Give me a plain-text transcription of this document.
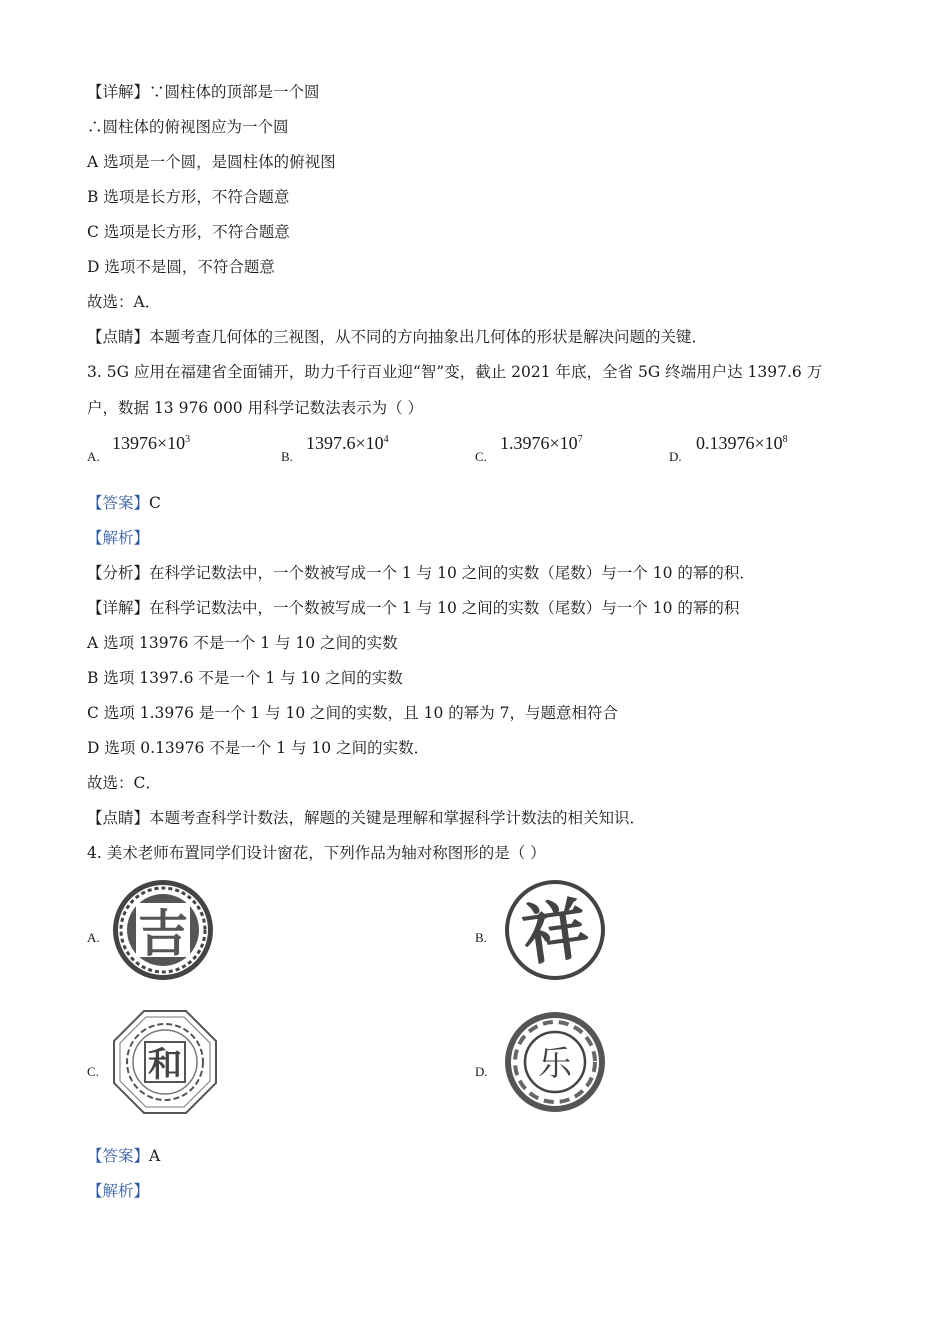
【详解】∵圆柱体的顶部是一个圆
∴圆柱体的俯视图应为一个圆
A 选项是一个圆，是圆柱体的俯视图
B 选项是长方形，不符合题意
C 选项是长方形，不符合题意
D 选项不是圆，不符合题意
故选：A．
【点睛】本题考查几何体的三视图，从不同的方向抽象出几何体的形状是解决问题的关键．
3. 5G 应用在福建省全面铺开，助力千行百业迎“智”变，截止 2021 年底，全省 5G 终端用户达 1397.6 万
户，数据 13 976 000 用科学记数法表示为（ ）
A.
$13976\times 10^3$
B.
$1397.6\times 10^4$
C.
$1.3976\times 10^7$
D.
$0.13976\times 10^8$
【答案】C
【解析】
【分析】在科学记数法中，一个数被写成一个 1 与 10 之间的实数（尾数）与一个 10 的幂的积．
【详解】在科学记数法中，一个数被写成一个 1 与 10 之间的实数（尾数）与一个 10 的幂的积
A 选项 13976 不是一个 1 与 10 之间的实数
B 选项 1397.6 不是一个 1 与 10 之间的实数
C 选项 1.3976 是一个 1 与 10 之间的实数，且 10 的幂为 7，与题意相符合
D 选项 0.13976 不是一个 1 与 10 之间的实数．
故选：C．
【点睛】本题考查科学计数法，解题的关键是理解和掌握科学计数法的相关知识．
4. 美术老师布置同学们设计窗花，下列作品为轴对称图形的是（ ）
A. 吉	B. 祥
C. 和	D. 乐
【答案】A
【解析】
